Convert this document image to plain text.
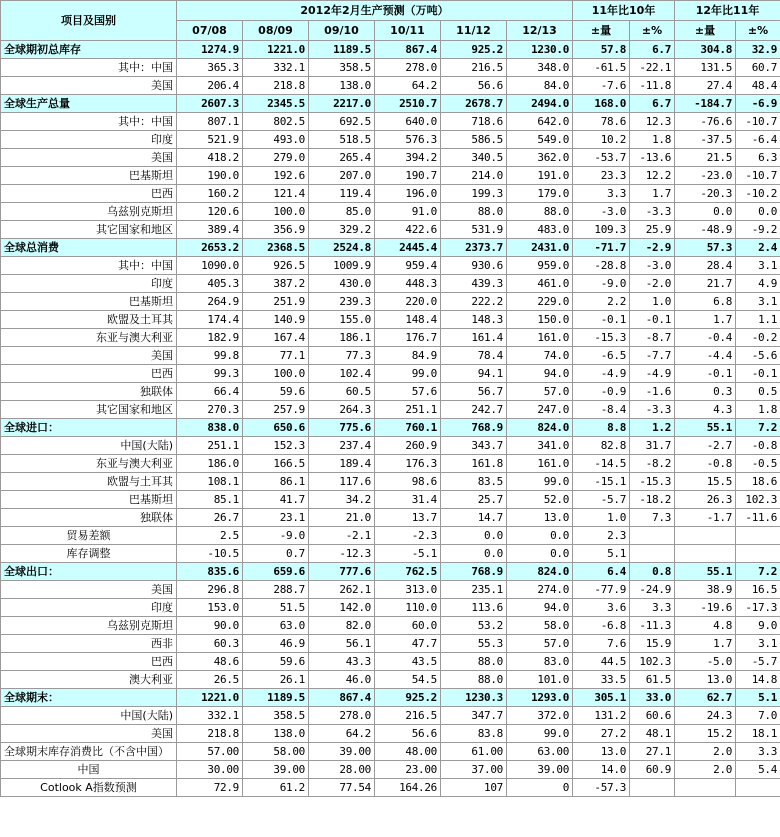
项目及国别	2012年2月生产预测（万吨）						11年比10年		12年比11年	
	07/08	08/09	09/10	10/11	11/12	12/13	±量	±%	±量	±%
全球期初总库存	1274.9	1221.0	1189.5	867.4	925.2	1230.0	57.8	6.7	304.8	32.9
其中：中国	365.3	332.1	358.5	278.0	216.5	348.0	-61.5	-22.1	131.5	60.7
美国	206.4	218.8	138.0	64.2	56.6	84.0	-7.6	-11.8	27.4	48.4
全球生产总量	2607.3	2345.5	2217.0	2510.7	2678.7	2494.0	168.0	6.7	-184.7	-6.9
其中：中国	807.1	802.5	692.5	640.0	718.6	642.0	78.6	12.3	-76.6	-10.7
印度	521.9	493.0	518.5	576.3	586.5	549.0	10.2	1.8	-37.5	-6.4
美国	418.2	279.0	265.4	394.2	340.5	362.0	-53.7	-13.6	21.5	6.3
巴基斯坦	190.0	192.6	207.0	190.7	214.0	191.0	23.3	12.2	-23.0	-10.7
巴西	160.2	121.4	119.4	196.0	199.3	179.0	3.3	1.7	-20.3	-10.2
乌兹别克斯坦	120.6	100.0	85.0	91.0	88.0	88.0	-3.0	-3.3	0.0	0.0
其它国家和地区	389.4	356.9	329.2	422.6	531.9	483.0	109.3	25.9	-48.9	-9.2
全球总消费	2653.2	2368.5	2524.8	2445.4	2373.7	2431.0	-71.7	-2.9	57.3	2.4
其中：中国	1090.0	926.5	1009.9	959.4	930.6	959.0	-28.8	-3.0	28.4	3.1
印度	405.3	387.2	430.0	448.3	439.3	461.0	-9.0	-2.0	21.7	4.9
巴基斯坦	264.9	251.9	239.3	220.0	222.2	229.0	2.2	1.0	6.8	3.1
欧盟及土耳其	174.4	140.9	155.0	148.4	148.3	150.0	-0.1	-0.1	1.7	1.1
东亚与澳大利亚	182.9	167.4	186.1	176.7	161.4	161.0	-15.3	-8.7	-0.4	-0.2
美国	99.8	77.1	77.3	84.9	78.4	74.0	-6.5	-7.7	-4.4	-5.6
巴西	99.3	100.0	102.4	99.0	94.1	94.0	-4.9	-4.9	-0.1	-0.1
独联体	66.4	59.6	60.5	57.6	56.7	57.0	-0.9	-1.6	0.3	0.5
其它国家和地区	270.3	257.9	264.3	251.1	242.7	247.0	-8.4	-3.3	4.3	1.8
全球进口：	838.0	650.6	775.6	760.1	768.9	824.0	8.8	1.2	55.1	7.2
中国(大陆)	251.1	152.3	237.4	260.9	343.7	341.0	82.8	31.7	-2.7	-0.8
东亚与澳大利亚	186.0	166.5	189.4	176.3	161.8	161.0	-14.5	-8.2	-0.8	-0.5
欧盟与土耳其	108.1	86.1	117.6	98.6	83.5	99.0	-15.1	-15.3	15.5	18.6
巴基斯坦	85.1	41.7	34.2	31.4	25.7	52.0	-5.7	-18.2	26.3	102.3
独联体	26.7	23.1	21.0	13.7	14.7	13.0	1.0	7.3	-1.7	-11.6
贸易差额	2.5	-9.0	-2.1	-2.3	0.0	0.0	2.3			
库存调整	-10.5	0.7	-12.3	-5.1	0.0	0.0	5.1			
全球出口：	835.6	659.6	777.6	762.5	768.9	824.0	6.4	0.8	55.1	7.2
美国	296.8	288.7	262.1	313.0	235.1	274.0	-77.9	-24.9	38.9	16.5
印度	153.0	51.5	142.0	110.0	113.6	94.0	3.6	3.3	-19.6	-17.3
乌兹别克斯坦	90.0	63.0	82.0	60.0	53.2	58.0	-6.8	-11.3	4.8	9.0
西非	60.3	46.9	56.1	47.7	55.3	57.0	7.6	15.9	1.7	3.1
巴西	48.6	59.6	43.3	43.5	88.0	83.0	44.5	102.3	-5.0	-5.7
澳大利亚	26.5	26.1	46.0	54.5	88.0	101.0	33.5	61.5	13.0	14.8
全球期末：	1221.0	1189.5	867.4	925.2	1230.3	1293.0	305.1	33.0	62.7	5.1
中国(大陆)	332.1	358.5	278.0	216.5	347.7	372.0	131.2	60.6	24.3	7.0
美国	218.8	138.0	64.2	56.6	83.8	99.0	27.2	48.1	15.2	18.1
全球期末库存消费比（不含中国）	57.00	58.00	39.00	48.00	61.00	63.00	13.0	27.1	2.0	3.3
中国	30.00	39.00	28.00	23.00	37.00	39.00	14.0	60.9	2.0	5.4
Cotlook A指数预测	72.9	61.2	77.54	164.26	107	0	-57.3			
